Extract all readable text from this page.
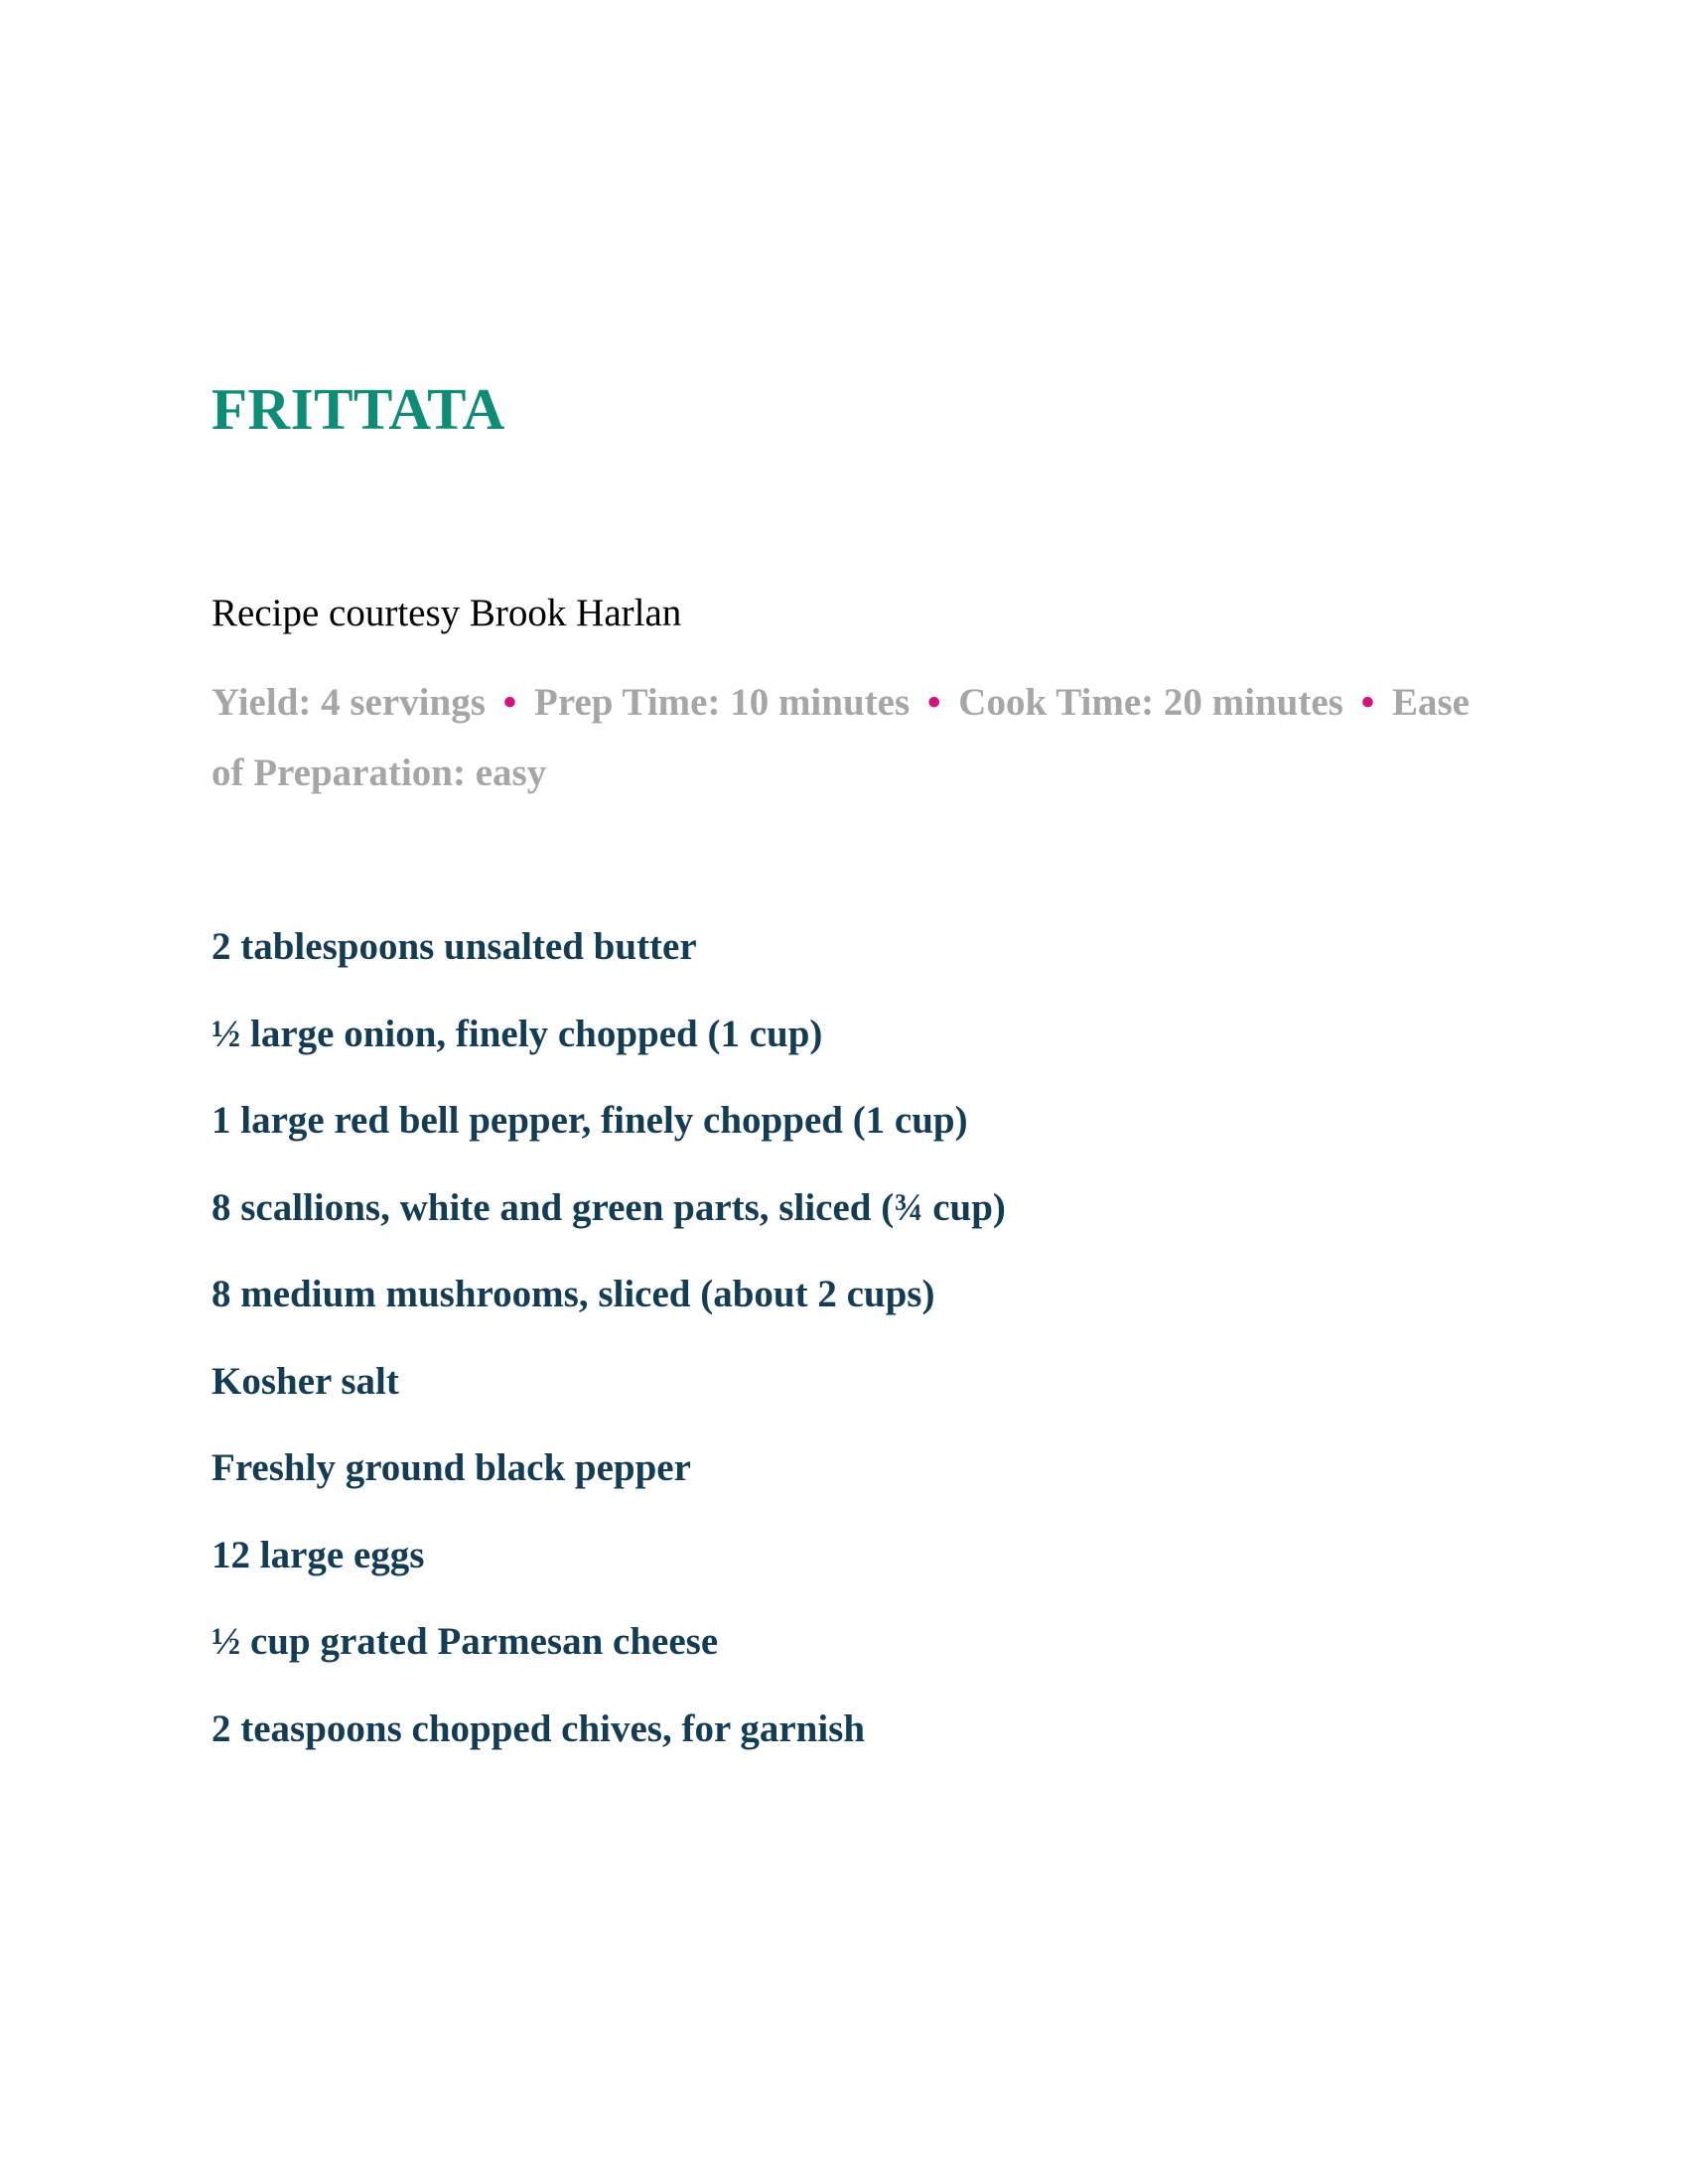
FRITTATA

Recipe courtesy Brook Harlan

Yield: 4 servings • Prep Time: 10 minutes • Cook Time: 20 minutes • Ease of Preparation: easy

2 tablespoons unsalted butter
½ large onion, finely chopped (1 cup)
1 large red bell pepper, finely chopped (1 cup)
8 scallions, white and green parts, sliced (¾ cup)
8 medium mushrooms, sliced (about 2 cups)
Kosher salt
Freshly ground black pepper
12 large eggs
½ cup grated Parmesan cheese
2 teaspoons chopped chives, for garnish
